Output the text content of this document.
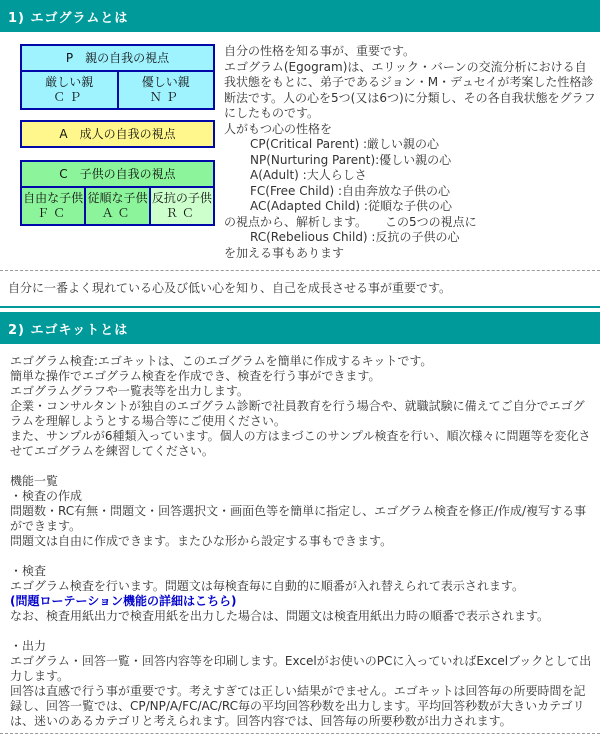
1) エゴグラムとは
P　親の自我の視点

厳しい親
ＣＰ

優しい親
ＮＰ
A　成人の自我の視点
C　子供の自我の視点

自由な子供
ＦＣ

従順な子供
ＡＣ

反抗の子供
ＲＣ
自分の性格を知る事が、重要です。
エゴグラム(Egogram)は、エリック・バーンの交流分析における自我状態をもとに、弟子であるジョン・M・デュセイが考案した性格診断法です。人の心を5つ(又は6つ)に分類し、その各自我状態をグラフにしたものです。
人がもつ心の性格を
CP(Critical Parent) :厳しい親の心
NP(Nurturing Parent):優しい親の心
A(Adult) :大人らしさ
FC(Free Child) :自由奔放な子供の心
AC(Adapted Child) :従順な子供の心
の視点から、解析します。　　この5つの視点に
RC(Rebelious Child) :反抗の子供の心
を加える事もあります
自分に一番よく現れている心及び低い心を知り、自己を成長させる事が重要です。
2) エゴキットとは
エゴグラム検査:エゴキットは、このエゴグラムを簡単に作成するキットです。
簡単な操作でエゴグラム検査を作成でき、検査を行う事ができます。
エゴグラムグラフや一覧表等を出力します。
企業・コンサルタントが独自のエゴグラム診断で社員教育を行う場合や、就職試験に備えてご自分でエゴグラムを理解しようとする場合等にご使用ください。
また、サンプルが6種類入っています。個人の方はまづこのサンプル検査を行い、順次様々に問題等を変化させてエゴグラムを練習してください。
機能一覧
・検査の作成
問題数・RC有無・問題文・回答選択文・画面色等を簡単に指定し、エゴグラム検査を修正/作成/複写する事ができます。
問題文は自由に作成できます。またひな形から設定する事もできます。
・検査
エゴグラム検査を行います。問題文は毎検査毎に自動的に順番が入れ替えられて表示されます。
(問題ローテーション機能の詳細はこちら)
なお、検査用紙出力で検査用紙を出力した場合は、問題文は検査用紙出力時の順番で表示されます。
・出力
エゴグラム・回答一覧・回答内容等を印刷します。Excelがお使いのPCに入っていればExcelブックとして出力します。
回答は直感で行う事が重要です。考えすぎては正しい結果がでません。エゴキットは回答毎の所要時間を記録し、回答一覧では、CP/NP/A/FC/AC/RC毎の平均回答秒数を出力します。平均回答秒数が大きいカテゴリは、迷いのあるカテゴリと考えられます。回答内容では、回答毎の所要秒数が出力されます。
